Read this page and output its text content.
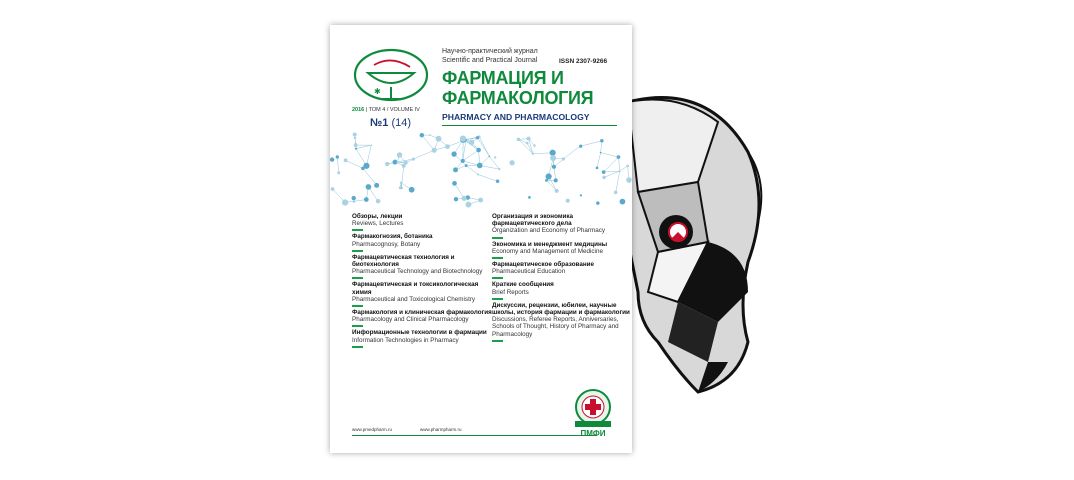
✱
2016 | ТОМ 4 / VOLUME IV
№1 (14)
Научно-практический журнал
Scientific and Practical Journal	ISSN 2307-9266
ФАРМАЦИЯ И
ФАРМАКОЛОГИЯ
PHARMACY AND PHARMACOLOGY
Обзоры, лекции
Reviews, Lectures
Фармакогнозия, ботаника
Pharmacognosy, Botany
Фармацевтическая технология и биотехнология
Pharmaceutical Technology and Biotechnology
Фармацевтическая и токсикологическая химия
Pharmaceutical and Toxicological Chemistry
Фармакология и клиническая фармакология
Pharmacology and Clinical Pharmacology
Информационные технологии в фармации
Information Technologies in Pharmacy
Организация и экономика фармацевтического дела
Organization and Economy of Pharmacy
Экономика и менеджмент медицины
Economy and Management of Medicine
Фармацевтическое образование
Pharmaceutical Education
Краткие сообщения
Brief Reports
Дискуссии, рецензии, юбилеи, научные школы, история фармации и фармакологии
Discussions, Referee Reports, Anniversaries, Schools of Thought, History of Pharmacy and Pharmacology
www.pmedpharm.ru	www.pharmpharm.ru	ПМФИ
